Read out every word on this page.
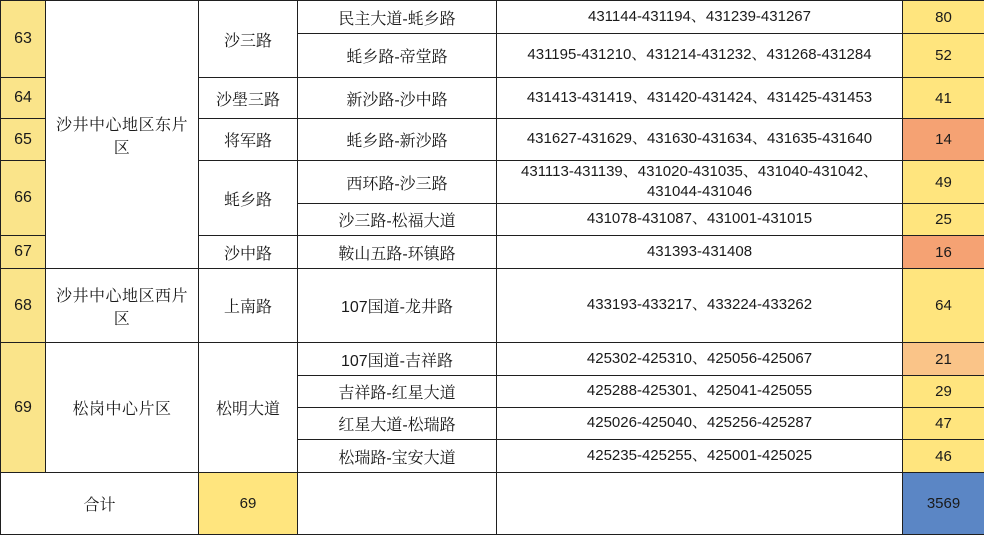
63	沙井中心地区东片区	沙三路	民主大道-蚝乡路	431144-431194、431239-431267	80
			蚝乡路-帝堂路	431195-431210、431214-431232、431268-431284	52
64		沙壆三路	新沙路-沙中路	431413-431419、431420-431424、431425-431453	41
65		将军路	蚝乡路-新沙路	431627-431629、431630-431634、431635-431640	14
66		蚝乡路	西环路-沙三路	431113-431139、431020-431035、431040-431042、431044-431046	49
			沙三路-松福大道	431078-431087、431001-431015	25
67		沙中路	鞍山五路-环镇路	431393-431408	16
68	沙井中心地区西片区	上南路	107国道-龙井路	433193-433217、433224-433262	64
69	松岗中心片区	松明大道	107国道-吉祥路	425302-425310、425056-425067	21
			吉祥路-红星大道	425288-425301、425041-425055	29
			红星大道-松瑞路	425026-425040、425256-425287	47
			松瑞路-宝安大道	425235-425255、425001-425025	46
合计		69			3569
